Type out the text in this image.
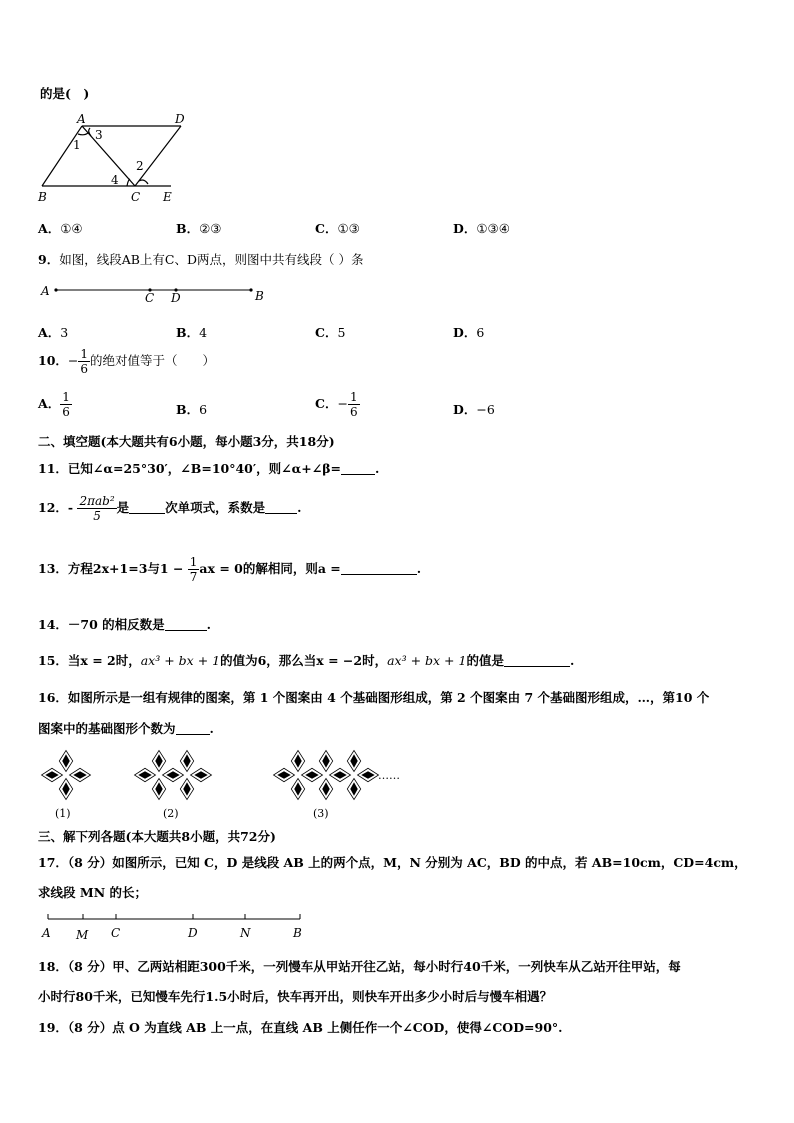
的是(　)
A	D
B	C E
1
3
2
4
A．①④	B．②③	C．①③	D．①③④
9．如图，线段AB上有C、D两点，则图中共有线段（ ）条
A	C D	B
A．3	B．4	C．5	D．6
10．− $\frac{1}{6}$ 的绝对值等于（　　）
A． $\frac{1}{6}$	B．6	C．− $\frac{1}{6}$	D．−6
二、填空题(本大题共有6小题，每小题3分，共18分)
11．已知∠α=25°30′，∠B=10°40′，则∠α+∠β=	.
12．- $\frac{\text{2πab²}}{5}$ 是	次单项式，系数是	.
13．方程2x+1=3与$1 - \frac{1}{7}$ ax = 0的解相同，则a =	.
14．－70 的相反数是	.
15．当x = 2时，ax³ + bx + 1的值为6，那么当x = −2时，ax³ + bx + 1的值是	.
16．如图所示是一组有规律的图案，第 1 个图案由 4 个基础图形组成，第 2 个图案由 7 个基础图形组成，…，第10 个
图案中的基础图形个数为	.
……
(1)	(2)	(3)
三、解下列各题(本大题共8小题，共72分)
17．（8 分）如图所示，已知 C，D 是线段 AB 上的两个点，M，N 分别为 AC，BD 的中点，若 AB=10cm，CD=4cm，
求线段 MN 的长；
A M C	D	N	B
18．（8 分）甲、乙两站相距300千米，一列慢车从甲站开往乙站，每小时行40千米，一列快车从乙站开往甲站，每
小时行80千米，已知慢车先行1.5小时后，快车再开出，则快车开出多少小时后与慢车相遇？
19．（8 分）点 O 为直线 AB 上一点，在直线 AB 上侧任作一个∠COD，使得∠COD=90°.
